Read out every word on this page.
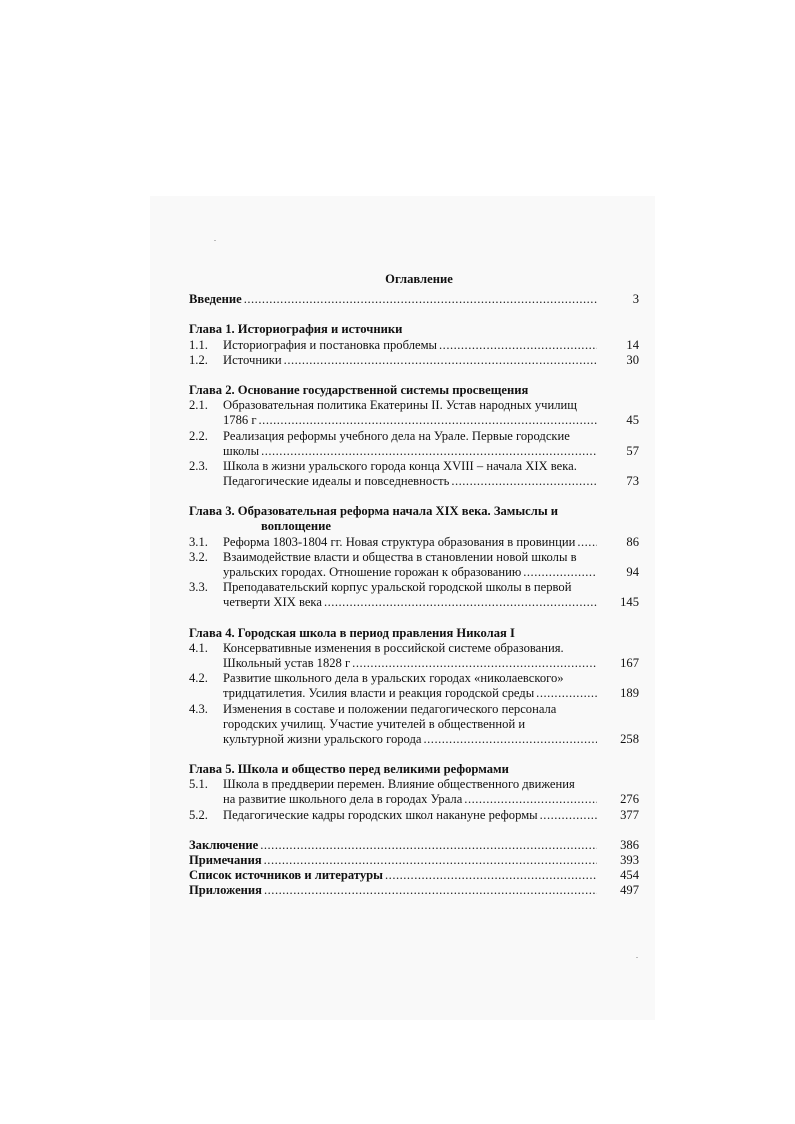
Оглавление
Введение .....	3
Глава 1. Историография и источники
1.1.	Историография и постановка проблемы .....	14
1.2.	Источники .....	30
Глава 2. Основание государственной системы просвещения
2.1.	Образовательная политика Екатерины II. Устав народных училищ
1786 г .....	45
2.2.	Реализация реформы учебного дела на Урале. Первые городские
школы .....	57
2.3.	Школа в жизни уральского города конца XVIII – начала XIX века.
Педагогические идеалы и повседневность .....	73
Глава 3. Образовательная реформа начала XIX века. Замыслы и
воплощение
3.1.	Реформа 1803-1804 гг. Новая структура образования в провинции .....	86
3.2.	Взаимодействие власти и общества в становлении новой школы в
уральских городах. Отношение горожан к образованию .....	94
3.3.	Преподавательский корпус уральской городской школы в первой
четверти XIX века .....	145
Глава 4. Городская школа в период правления Николая I
4.1.	Консервативные изменения в российской системе образования.
Школьный устав 1828 г .....	167
4.2.	Развитие школьного дела в уральских городах «николаевского»
тридцатилетия. Усилия власти и реакция городской среды .....	189
4.3.	Изменения в составе и положении педагогического персонала
городских училищ. Участие учителей в общественной и
культурной жизни уральского города .....	258
Глава 5. Школа и общество перед великими реформами
5.1.	Школа в преддверии перемен. Влияние общественного движения
на развитие школьного дела в городах Урала .....	276
5.2.	Педагогические кадры городских школ накануне реформы .....	377
Заключение .....	386
Примечания .....	393
Список источников и литературы .....	454
Приложения .....	497
